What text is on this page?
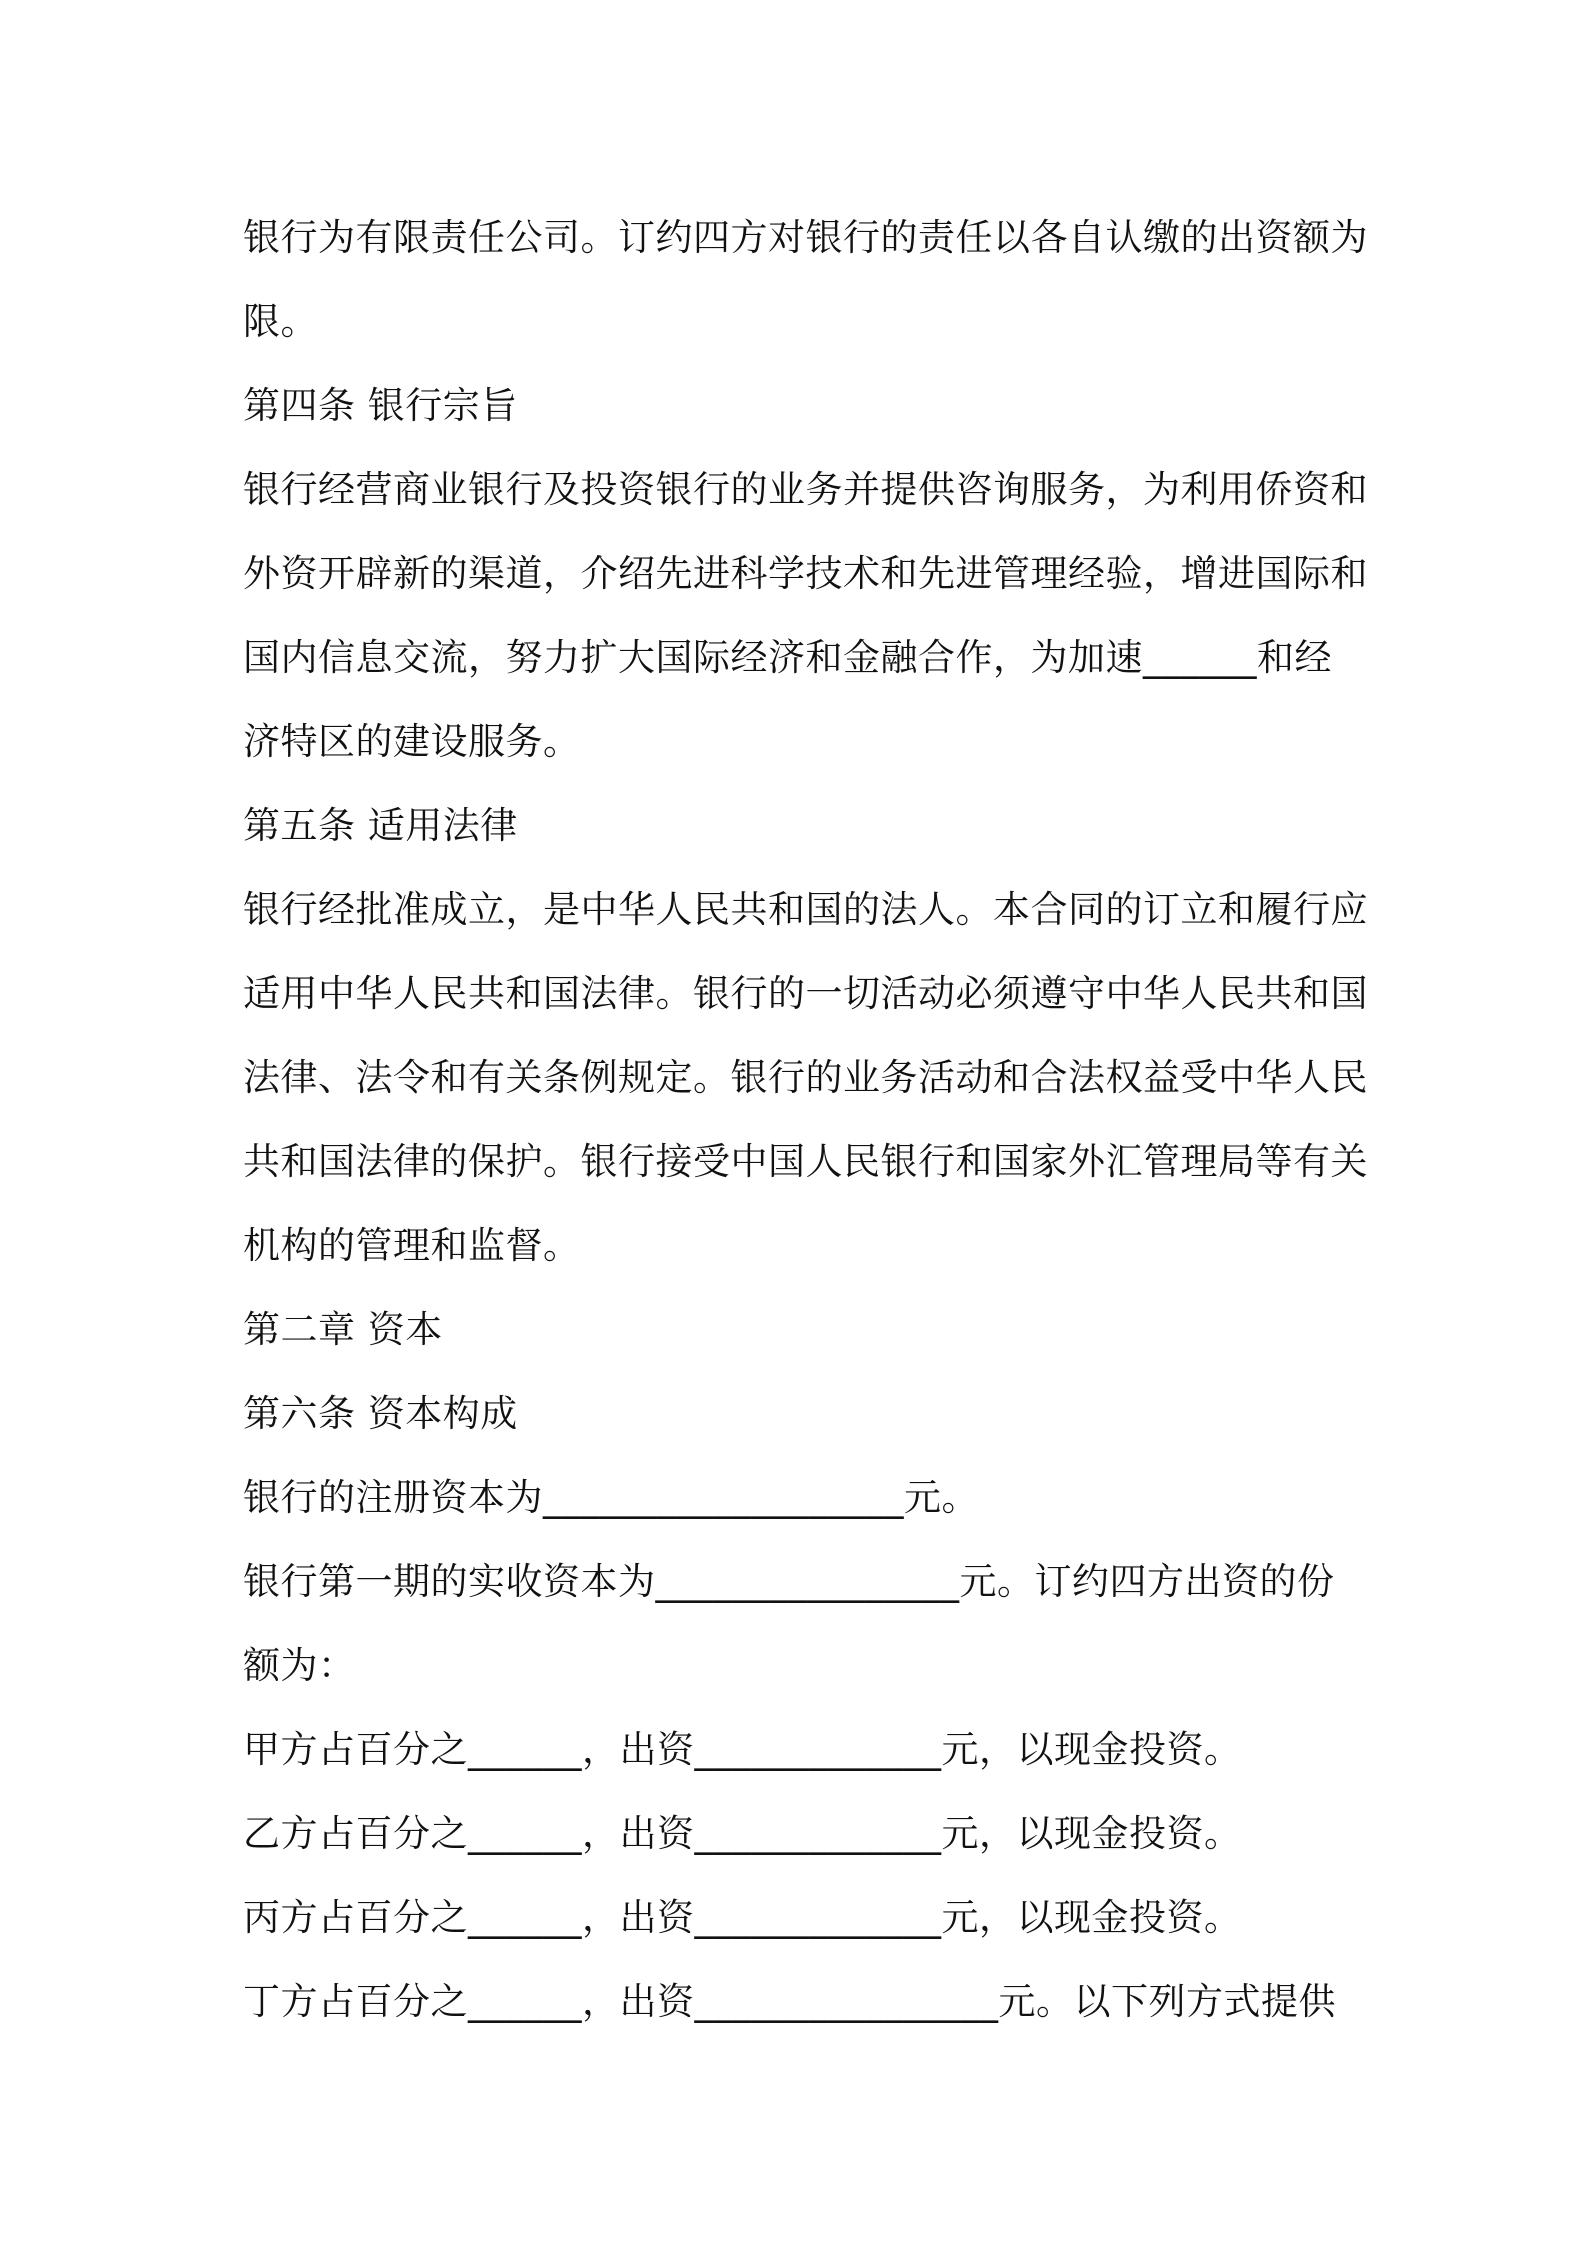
银行为有限责任公司。订约四方对银行的责任以各自认缴的出资额为
限。
第四条 银行宗旨
银行经营商业银行及投资银行的业务并提供咨询服务，为利用侨资和
外资开辟新的渠道，介绍先进科学技术和先进管理经验，增进国际和
国内信息交流，努力扩大国际经济和金融合作，为加速______和经
济特区的建设服务。
第五条 适用法律
银行经批准成立，是中华人民共和国的法人。本合同的订立和履行应
适用中华人民共和国法律。银行的一切活动必须遵守中华人民共和国
法律、法令和有关条例规定。银行的业务活动和合法权益受中华人民
共和国法律的保护。银行接受中国人民银行和国家外汇管理局等有关
机构的管理和监督。
第二章 资本
第六条 资本构成
银行的注册资本为___________________元。
银行第一期的实收资本为________________元。订约四方出资的份
额为：
甲方占百分之______，出资_____________元，以现金投资。
乙方占百分之______，出资_____________元，以现金投资。
丙方占百分之______，出资_____________元，以现金投资。
丁方占百分之______，出资________________元。以下列方式提供
